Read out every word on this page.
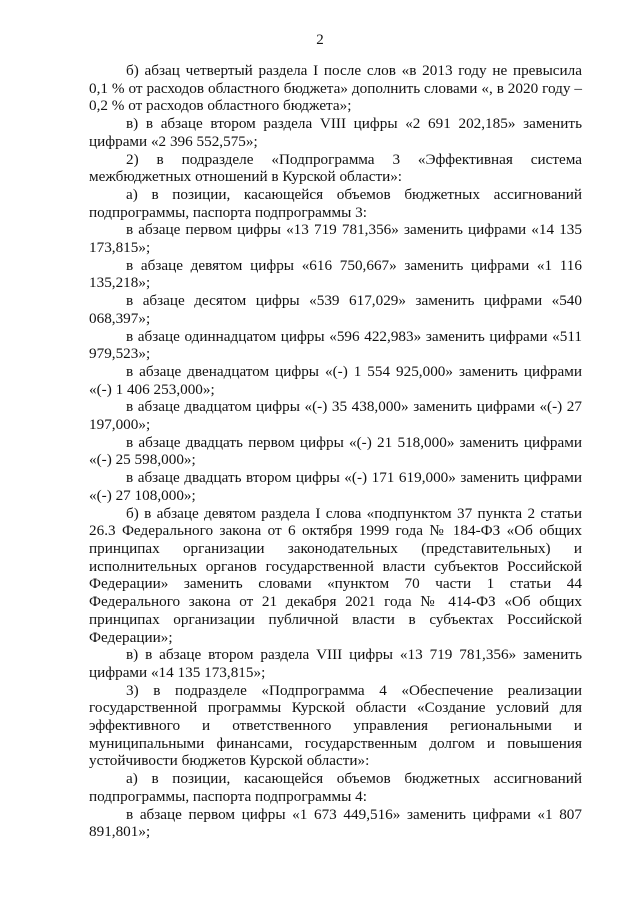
2

б) абзац четвертый раздела I после слов «в 2013 году не превысила 0,1 % от расходов областного бюджета» дополнить словами «, в 2020 году – 0,2 % от расходов областного бюджета»;

в) в абзаце втором раздела VIII цифры «2 691 202,185» заменить цифрами «2 396 552,575»;

2) в подразделе «Подпрограмма 3 «Эффективная система межбюджетных отношений в Курской области»:

а) в позиции, касающейся объемов бюджетных ассигнований подпрограммы, паспорта подпрограммы 3:

в абзаце первом цифры «13 719 781,356» заменить цифрами «14 135 173,815»;

в абзаце девятом цифры «616 750,667» заменить цифрами «1 116 135,218»;

в абзаце десятом цифры «539 617,029» заменить цифрами «540 068,397»;

в абзаце одиннадцатом цифры «596 422,983» заменить цифрами «511 979,523»;

в абзаце двенадцатом цифры «(-) 1 554 925,000» заменить цифрами «(-) 1 406 253,000»;

в абзаце двадцатом цифры «(-) 35 438,000» заменить цифрами «(-) 27 197,000»;

в абзаце двадцать первом цифры «(-) 21 518,000» заменить цифрами «(-) 25 598,000»;

в абзаце двадцать втором цифры «(-) 171 619,000» заменить цифрами «(-) 27 108,000»;

б) в абзаце девятом раздела I слова «подпунктом 37 пункта 2 статьи 26.3 Федерального закона от 6 октября 1999 года № 184-ФЗ «Об общих принципах организации законодательных (представительных) и исполнительных органов государственной власти субъектов Российской Федерации» заменить словами «пунктом 70 части 1 статьи 44 Федерального закона от 21 декабря 2021 года № 414-ФЗ «Об общих принципах организации публичной власти в субъектах Российской Федерации»;

в) в абзаце втором раздела VIII цифры «13 719 781,356» заменить цифрами «14 135 173,815»;

3) в подразделе «Подпрограмма 4 «Обеспечение реализации государственной программы Курской области «Создание условий для эффективного и ответственного управления региональными и муниципальными финансами, государственным долгом и повышения устойчивости бюджетов Курской области»:

а) в позиции, касающейся объемов бюджетных ассигнований подпрограммы, паспорта подпрограммы 4:

в абзаце первом цифры «1 673 449,516» заменить цифрами «1 807 891,801»;
